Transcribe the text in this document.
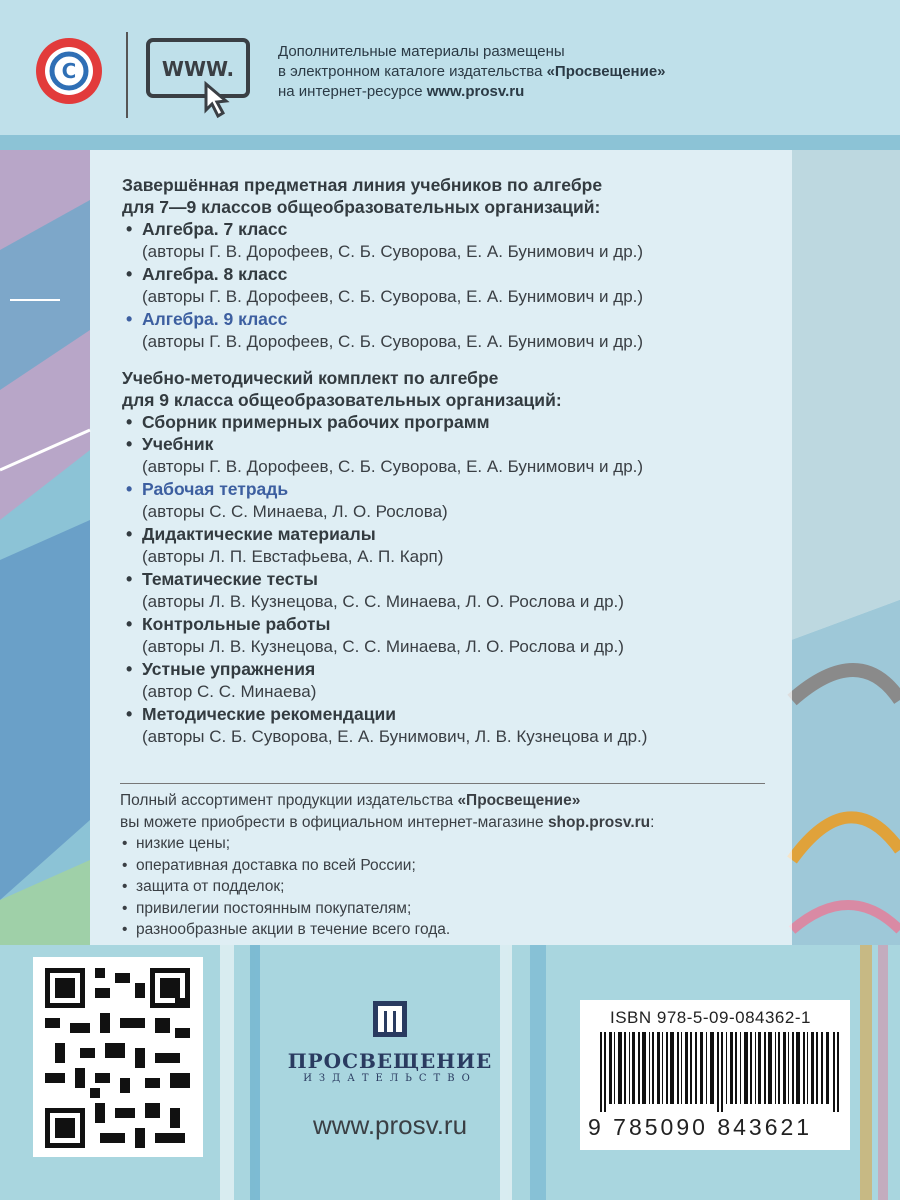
C	WWW.
Дополнительные материалы размещены
в электронном каталоге издательства «Просвещение»
на интернет-ресурсе www.prosv.ru
Завершённая предметная линия учебников по алгебре
для 7—9 классов общеобразовательных организаций:
• Алгебра. 7 класс
(авторы Г. В. Дорофеев, С. Б. Суворова, Е. А. Бунимович и др.)
• Алгебра. 8 класс
(авторы Г. В. Дорофеев, С. Б. Суворова, Е. А. Бунимович и др.)
• Алгебра. 9 класс
(авторы Г. В. Дорофеев, С. Б. Суворова, Е. А. Бунимович и др.)
Учебно-методический комплект по алгебре
для 9 класса общеобразовательных организаций:
• Сборник примерных рабочих программ
• Учебник
(авторы Г. В. Дорофеев, С. Б. Суворова, Е. А. Бунимович и др.)
• Рабочая тетрадь
(авторы С. С. Минаева, Л. О. Рослова)
• Дидактические материалы
(авторы Л. П. Евстафьева, А. П. Карп)
• Тематические тесты
(авторы Л. В. Кузнецова, С. С. Минаева, Л. О. Рослова и др.)
• Контрольные работы
(авторы Л. В. Кузнецова, С. С. Минаева, Л. О. Рослова и др.)
• Устные упражнения
(автор С. С. Минаева)
• Методические рекомендации
(авторы С. Б. Суворова, Е. А. Бунимович, Л. В. Кузнецова и др.)
Полный ассортимент продукции издательства «Просвещение»
вы можете приобрести в официальном интернет-магазине shop.prosv.ru:
• низкие цены;
• оперативная доставка по всей России;
• защита от подделок;
• привилегии постоянным покупателям;
• разнообразные акции в течение всего года.
ПРОСВЕЩЕНИЕ
ИЗДАТЕЛЬСТВО
www.prosv.ru
ISBN 978-5-09-084362-1
9 785090 843621
